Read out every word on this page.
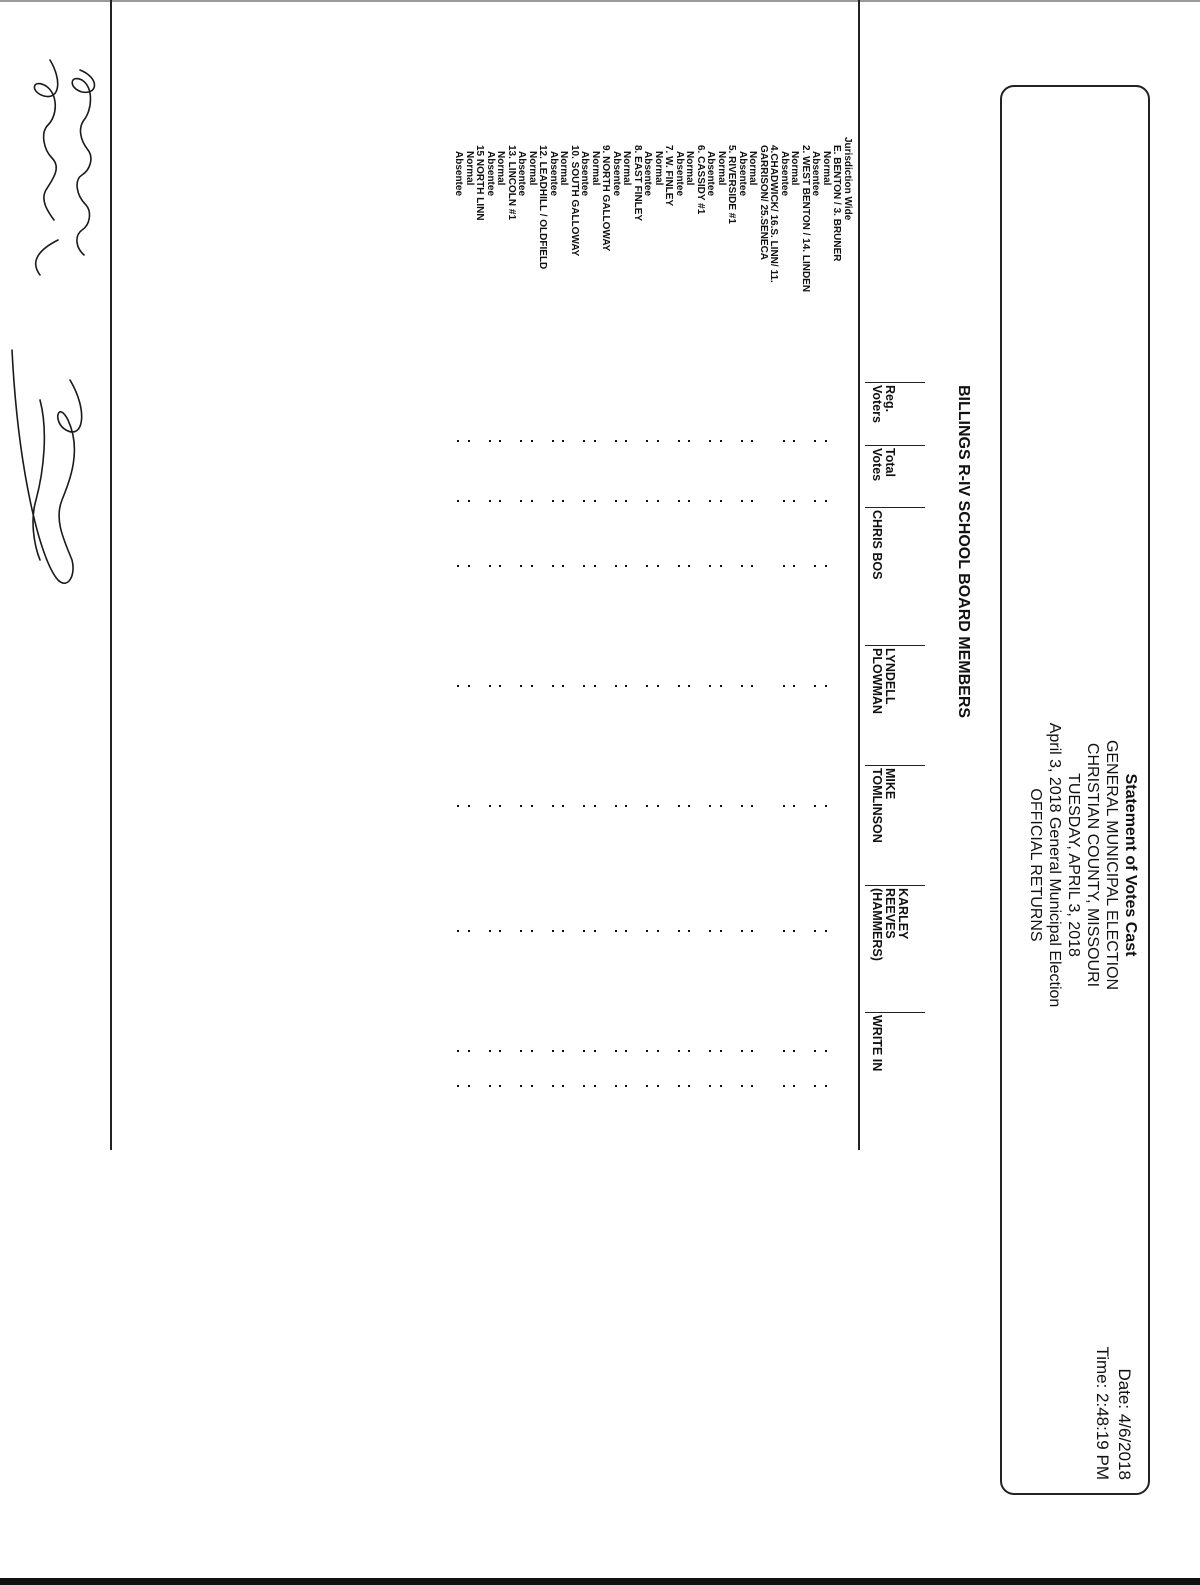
Statement of Votes Cast
GENERAL MUNICIPAL ELECTION
CHRISTIAN COUNTY, MISSOURI
TUESDAY, APRIL 3, 2018
April 3, 2018 General Municipal Election
OFFICIAL RETURNS
Date: 4/6/2018
Time: 2:48:19 PM
BILLINGS R-IV SCHOOL BOARD MEMBERS
Reg.
Voters
Total
Votes
CHRIS BOS
LYNDELL
PLOWMAN
MIKE
TOMLINSON
KARLEY
REEVES
(HAMMERS)
WRITE IN
Jurisdiction Wide
E. BENTON / 3. BRUNER
Normal
Absentee
2. WEST BENTON / 14. LINDEN
Normal
Absentee
4.CHADWICK/ 16.S. LINN/ 11.
GARRISON/ 25.SENECA
Normal
Absentee
5. RIVERSIDE #1
Normal
Absentee
6. CASSIDY #1
Normal
Absentee
7. W. FINLEY
Normal
Absentee
8. EAST FINLEY
Normal
Absentee
9. NORTH GALLOWAY
Normal
Absentee
10. SOUTH GALLOWAY
Normal
Absentee
12. LEADHILL / OLDFIELD
Normal
Absentee
13. LINCOLN #1
Normal
Absentee
15 NORTH LINN
Normal
Absentee
